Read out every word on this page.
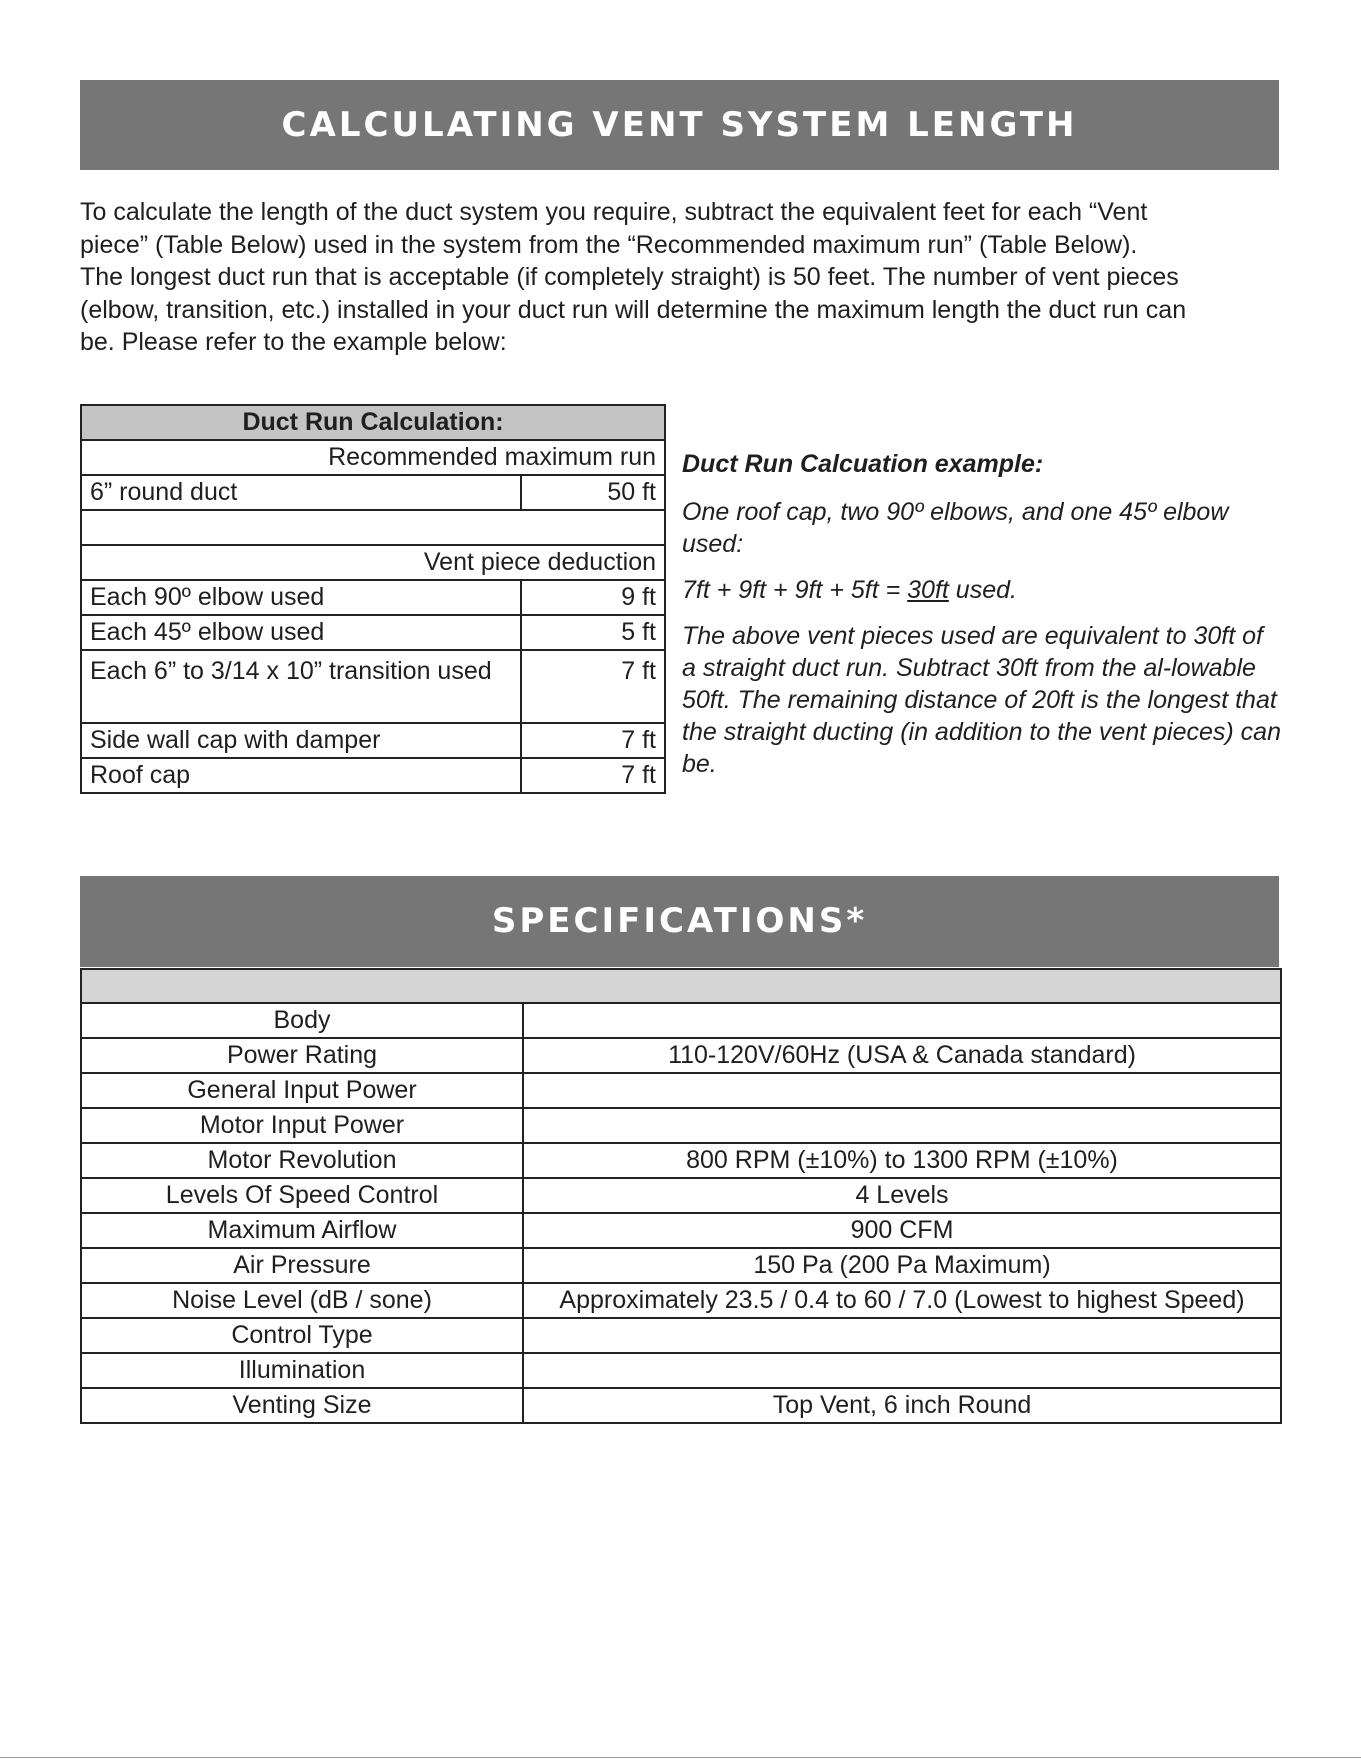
CALCULATING VENT SYSTEM LENGTH
To calculate the length of the duct system you require, subtract the equivalent feet for each “Vent
piece” (Table Below) used in the system from the “Recommended maximum run” (Table Below).
The longest duct run that is acceptable (if completely straight) is 50 feet. The number of vent pieces
(elbow, transition, etc.) installed in your duct run will determine the maximum length the duct run can
be. Please refer to the example below:
Duct Run Calculation:	
Recommended maximum run	
6” round duct	50 ft

Vent piece deduction	
Each 90º elbow used	9 ft
Each 45º elbow used	5 ft
Each 6” to 3/14 x 10” transition used	7 ft
Side wall cap with damper	7 ft
Roof cap	7 ft

Duct Run Calcuation example:

One roof cap, two 90º elbows, and one 45º elbow used:

7ft + 9ft + 9ft + 5ft = 30ft used.

The above vent pieces used are equivalent to 30ft of a straight duct run. Subtract 30ft from the al-lowable 50ft. The remaining distance of 20ft is the longest that the straight ducting (in addition to the vent pieces) can be.

SPECIFICATIONS*

Body	
Power Rating	110-120V/60Hz (USA & Canada standard)
General Input Power	
Motor Input Power	
Motor Revolution	800 RPM (±10%) to 1300 RPM (±10%)
Levels Of Speed Control	4 Levels
Maximum Airflow	900 CFM
Air Pressure	150 Pa (200 Pa Maximum)
Noise Level (dB / sone)	Approximately 23.5 / 0.4 to 60 / 7.0 (Lowest to highest Speed)
Control Type	
Illumination	
Venting Size	Top Vent, 6 inch Round
